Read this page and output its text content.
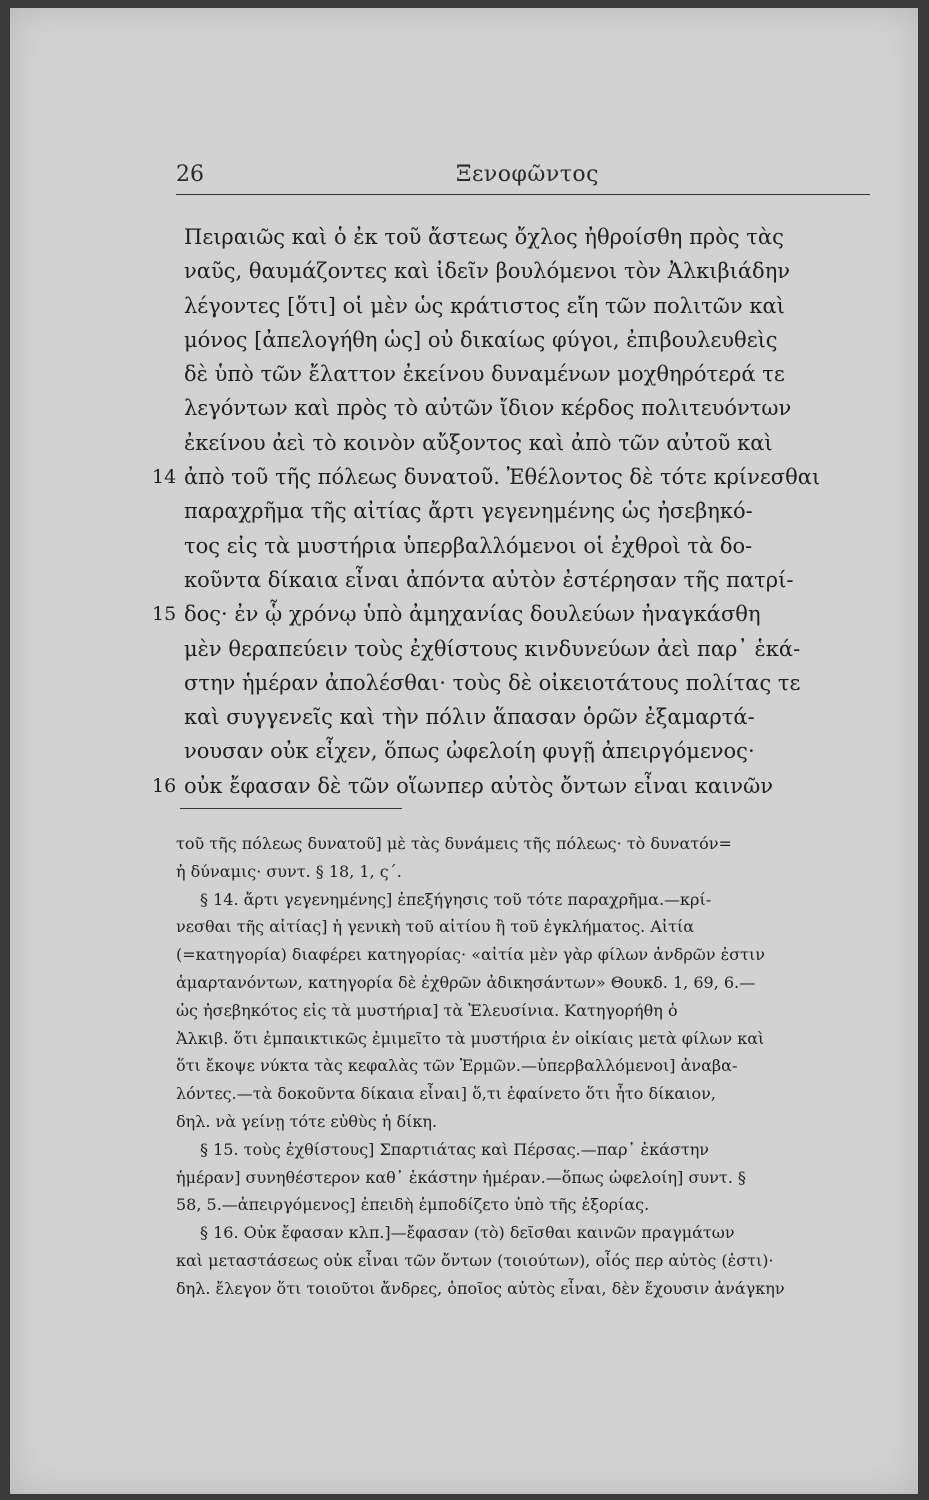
26	Ξενοφῶντος
Πειραιῶς καὶ ὁ ἐκ τοῦ ἄστεως ὄχλος ἠθροίσθη πρὸς τὰς
ναῦς, θαυμάζοντες καὶ ἰδεῖν βουλόμενοι τὸν Ἀλκιβιάδην
λέγοντες [ὅτι] οἱ μὲν ὡς κράτιστος εἴη τῶν πολιτῶν καὶ
μόνος [ἀπελογήθη ὡς] οὐ δικαίως φύγοι, ἐπιβουλευθεὶς
δὲ ὑπὸ τῶν ἔλαττον ἐκείνου δυναμένων μοχθηρότερά τε
λεγόντων καὶ πρὸς τὸ αὐτῶν ἴδιον κέρδος πολιτευόντων
ἐκείνου ἀεὶ τὸ κοινὸν αὔξοντος καὶ ἀπὸ τῶν αὐτοῦ καὶ
14 ἀπὸ τοῦ τῆς πόλεως δυνατοῦ. Ἐθέλοντος δὲ τότε κρίνεσθαι
παραχρῆμα τῆς αἰτίας ἄρτι γεγενημένης ὡς ἠσεβηκό-
τος εἰς τὰ μυστήρια ὑπερβαλλόμενοι οἱ ἐχθροὶ τὰ δο-
κοῦντα δίκαια εἶναι ἀπόντα αὐτὸν ἐστέρησαν τῆς πατρί-
15 δος· ἐν ᾧ χρόνῳ ὑπὸ ἀμηχανίας δουλεύων ἠναγκάσθη
μὲν θεραπεύειν τοὺς ἐχθίστους κινδυνεύων ἀεὶ παρ᾽ ἑκά-
στην ἡμέραν ἀπολέσθαι· τοὺς δὲ οἰκειοτάτους πολίτας τε
καὶ συγγενεῖς καὶ τὴν πόλιν ἅπασαν ὁρῶν ἐξαμαρτά-
νουσαν οὐκ εἶχεν, ὅπως ὠφελοίη φυγῇ ἀπειργόμενος·
16 οὐκ ἔφασαν δὲ τῶν οἵωνπερ αὐτὸς ὄντων εἶναι καινῶν
τοῦ τῆς πόλεως δυνατοῦ] μὲ τὰς δυνάμεις τῆς πόλεως· τὸ δυνατόν=
ἡ δύναμις· συντ. § 18, 1, ς΄.
§ 14. ἄρτι γεγενημένης] ἐπεξήγησις τοῦ τότε παραχρῆμα.—κρί-
νεσθαι τῆς αἰτίας] ἡ γενικὴ τοῦ αἰτίου ἢ τοῦ ἐγκλήματος. Αἰτία
(=κατηγορία) διαφέρει κατηγορίας· «αἰτία μὲν γὰρ φίλων ἀνδρῶν ἐστιν
ἁμαρτανόντων, κατηγορία δὲ ἐχθρῶν ἀδικησάντων» Θουκδ. 1, 69, 6.—
ὡς ἠσεβηκότος εἰς τὰ μυστήρια] τὰ Ἐλευσίνια. Κατηγορήθη ὁ
Ἀλκιβ. ὅτι ἐμπαικτικῶς ἐμιμεῖτο τὰ μυστήρια ἐν οἰκίαις μετὰ φίλων καὶ
ὅτι ἔκοψε νύκτα τὰς κεφαλὰς τῶν Ἑρμῶν.—ὑπερβαλλόμενοι] ἀναβα-
λόντες.—τὰ δοκοῦντα δίκαια εἶναι] ὅ,τι ἐφαίνετο ὅτι ἦτο δίκαιον,
δηλ. νὰ γείνῃ τότε εὐθὺς ἡ δίκη.
§ 15. τοὺς ἐχθίστους] Σπαρτιάτας καὶ Πέρσας.—παρ᾽ ἑκάστην
ἡμέραν] συνηθέστερον καθ᾽ ἑκάστην ἡμέραν.—ὅπως ὠφελοίη] συντ. §
58, 5.—ἀπειργόμενος] ἐπειδὴ ἐμποδίζετο ὑπὸ τῆς ἐξορίας.
§ 16. Οὐκ ἔφασαν κλπ.]—ἔφασαν (τὸ) δεῖσθαι καινῶν πραγμάτων
καὶ μεταστάσεως οὐκ εἶναι τῶν ὄντων (τοιούτων), οἷός περ αὐτὸς (ἐστι)·
δηλ. ἔλεγον ὅτι τοιοῦτοι ἄνδρες, ὁποῖος αὐτὸς εἶναι, δὲν ἔχουσιν ἀνάγκην
